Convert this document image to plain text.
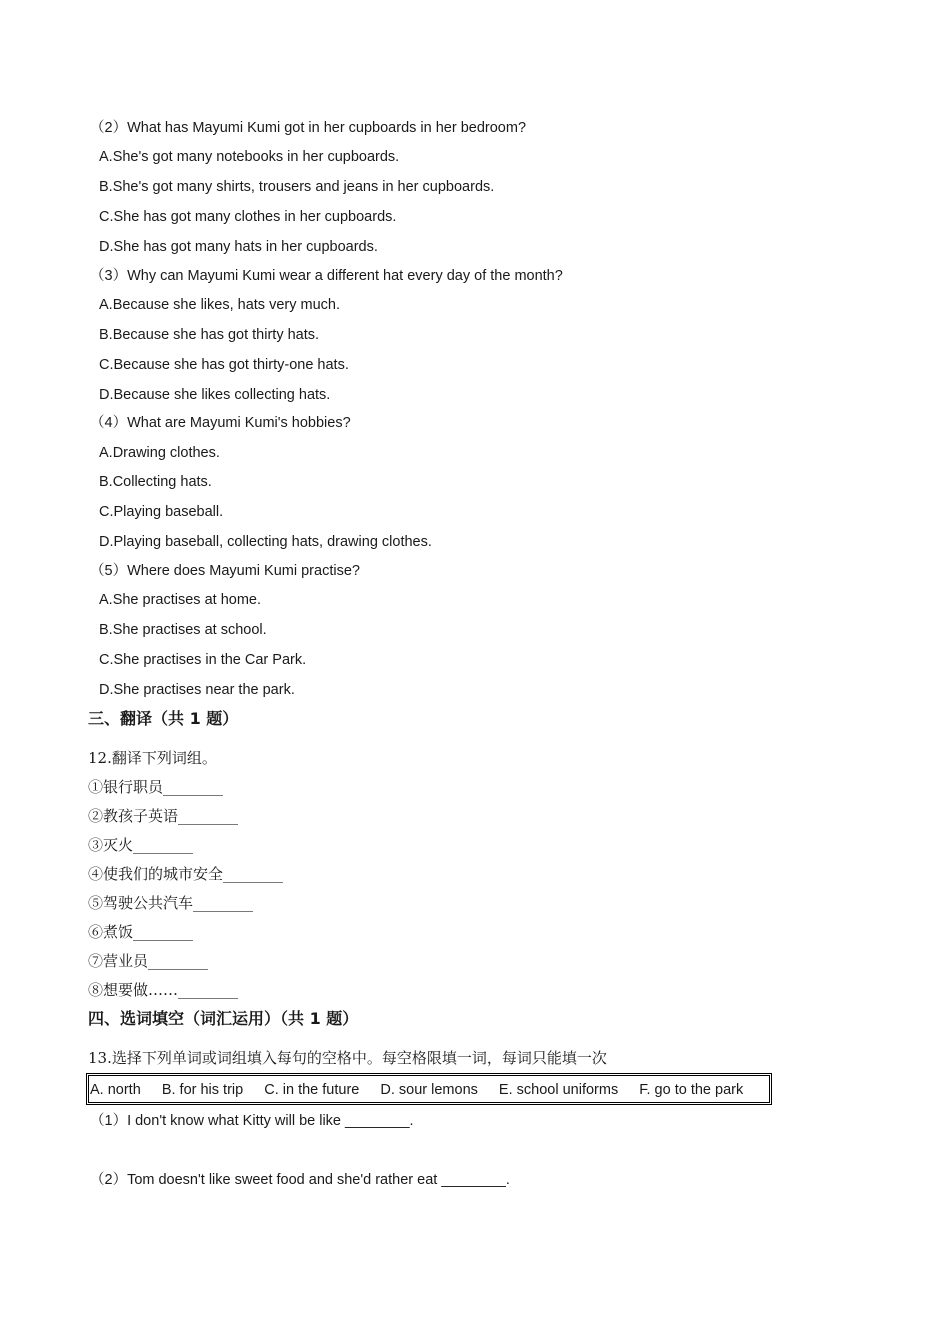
（2）What has Mayumi Kumi got in her cupboards in her bedroom?
A.She's got many notebooks in her cupboards.
B.She's got many shirts, trousers and jeans in her cupboards.
C.She has got many clothes in her cupboards.
D.She has got many hats in her cupboards.
（3）Why can Mayumi Kumi wear a different hat every day of the month?
A.Because she likes, hats very much.
B.Because she has got thirty hats.
C.Because she has got thirty-one hats.
D.Because she likes collecting hats.
（4）What are Mayumi Kumi's hobbies?
A.Drawing clothes.
B.Collecting hats.
C.Playing baseball.
D.Playing baseball, collecting hats, drawing clothes.
（5）Where does Mayumi Kumi practise?
A.She practises at home.
B.She practises at school.
C.She practises in the Car Park.
D.She practises near the park.
三、翻译（共 1 题）
12.翻译下列词组。
①银行职员________
②教孩子英语________
③灭火________
④使我们的城市安全________
⑤驾驶公共汽车________
⑥煮饭________
⑦营业员________
⑧想要做……________
四、选词填空（词汇运用）（共 1 题）
13.选择下列单词或词组填入每句的空格中。每空格限填一词，每词只能填一次
A. north B. for his trip C. in the future D. sour lemons E. school uniforms F. go to the park
（1）I don't know what Kitty will be like ________.
（2）Tom doesn't like sweet food and she'd rather eat ________.
